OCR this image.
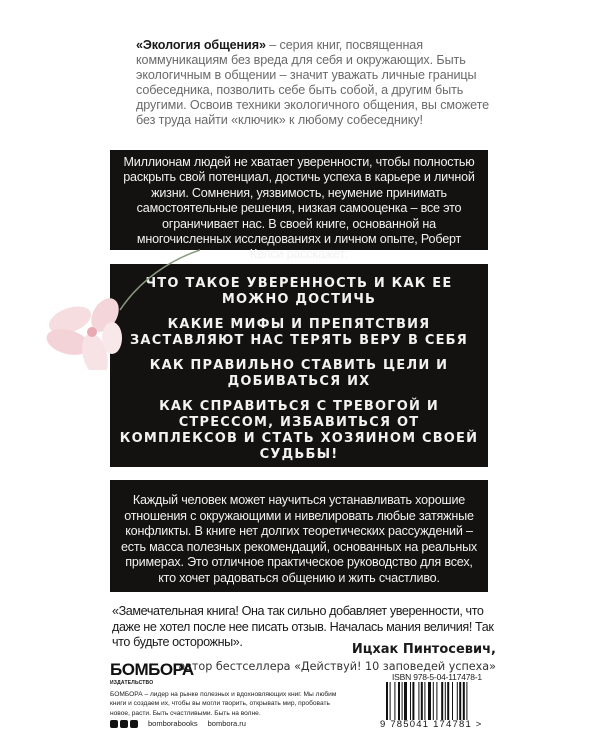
«Экология общения» – серия книг, посвященная коммуникациям без вреда для себя и окружающих. Быть экологичным в общении – значит уважать личные границы собеседника, позволить себе быть собой, а другим быть другими. Освоив техники экологичного общения, вы сможете без труда найти «ключик» к любому собеседнику!
Миллионам людей не хватает уверенности, чтобы полностью раскрыть свой потенциал, достичь успеха в карьере и личной жизни. Сомнения, уязвимость, неумение принимать самостоятельные решения, низкая самооценка – все это ограничивает нас. В своей книге, основанной на многочисленных исследованиях и личном опыте, Роберт Келси расскажет:
ЧТО ТАКОЕ УВЕРЕННОСТЬ И КАК ЕЕ МОЖНО ДОСТИЧЬ
КАКИЕ МИФЫ И ПРЕПЯТСТВИЯ ЗАСТАВЛЯЮТ НАС ТЕРЯТЬ ВЕРУ В СЕБЯ
КАК ПРАВИЛЬНО СТАВИТЬ ЦЕЛИ И ДОБИВАТЬСЯ ИХ
КАК СПРАВИТЬСЯ С ТРЕВОГОЙ И СТРЕССОМ, ИЗБАВИТЬСЯ ОТ КОМПЛЕКСОВ И СТАТЬ ХОЗЯИНОМ СВОЕЙ СУДЬБЫ!
Каждый человек может научиться устанавливать хорошие отношения с окружающими и нивелировать любые затяжные конфликты. В книге нет долгих теоретических рассуждений – есть масса полезных рекомендаций, основанных на реальных примерах. Это отличное практическое руководство для всех, кто хочет радоваться общению и жить счастливо.
«Замечательная книга! Она так сильно добавляет уверенности, что даже не хотел после нее писать отзыв. Началась мания величия! Так что будьте осторожны».	Ицхак Пинтосевич,
автор бестселлера «Действуй! 10 заповедей успеха»
БОМБОРА
ИЗДАТЕЛЬСТВО
БОМБОРА – лидер на рынке полезных и вдохновляющих книг. Мы любим книги и создаем их, чтобы вы могли творить, открывать мир, пробовать новое, расти. Быть счастливыми. Быть на волне.
bomborabooks bombora.ru
ISBN 978-5-04-117478-1
9 785041 174781 >
